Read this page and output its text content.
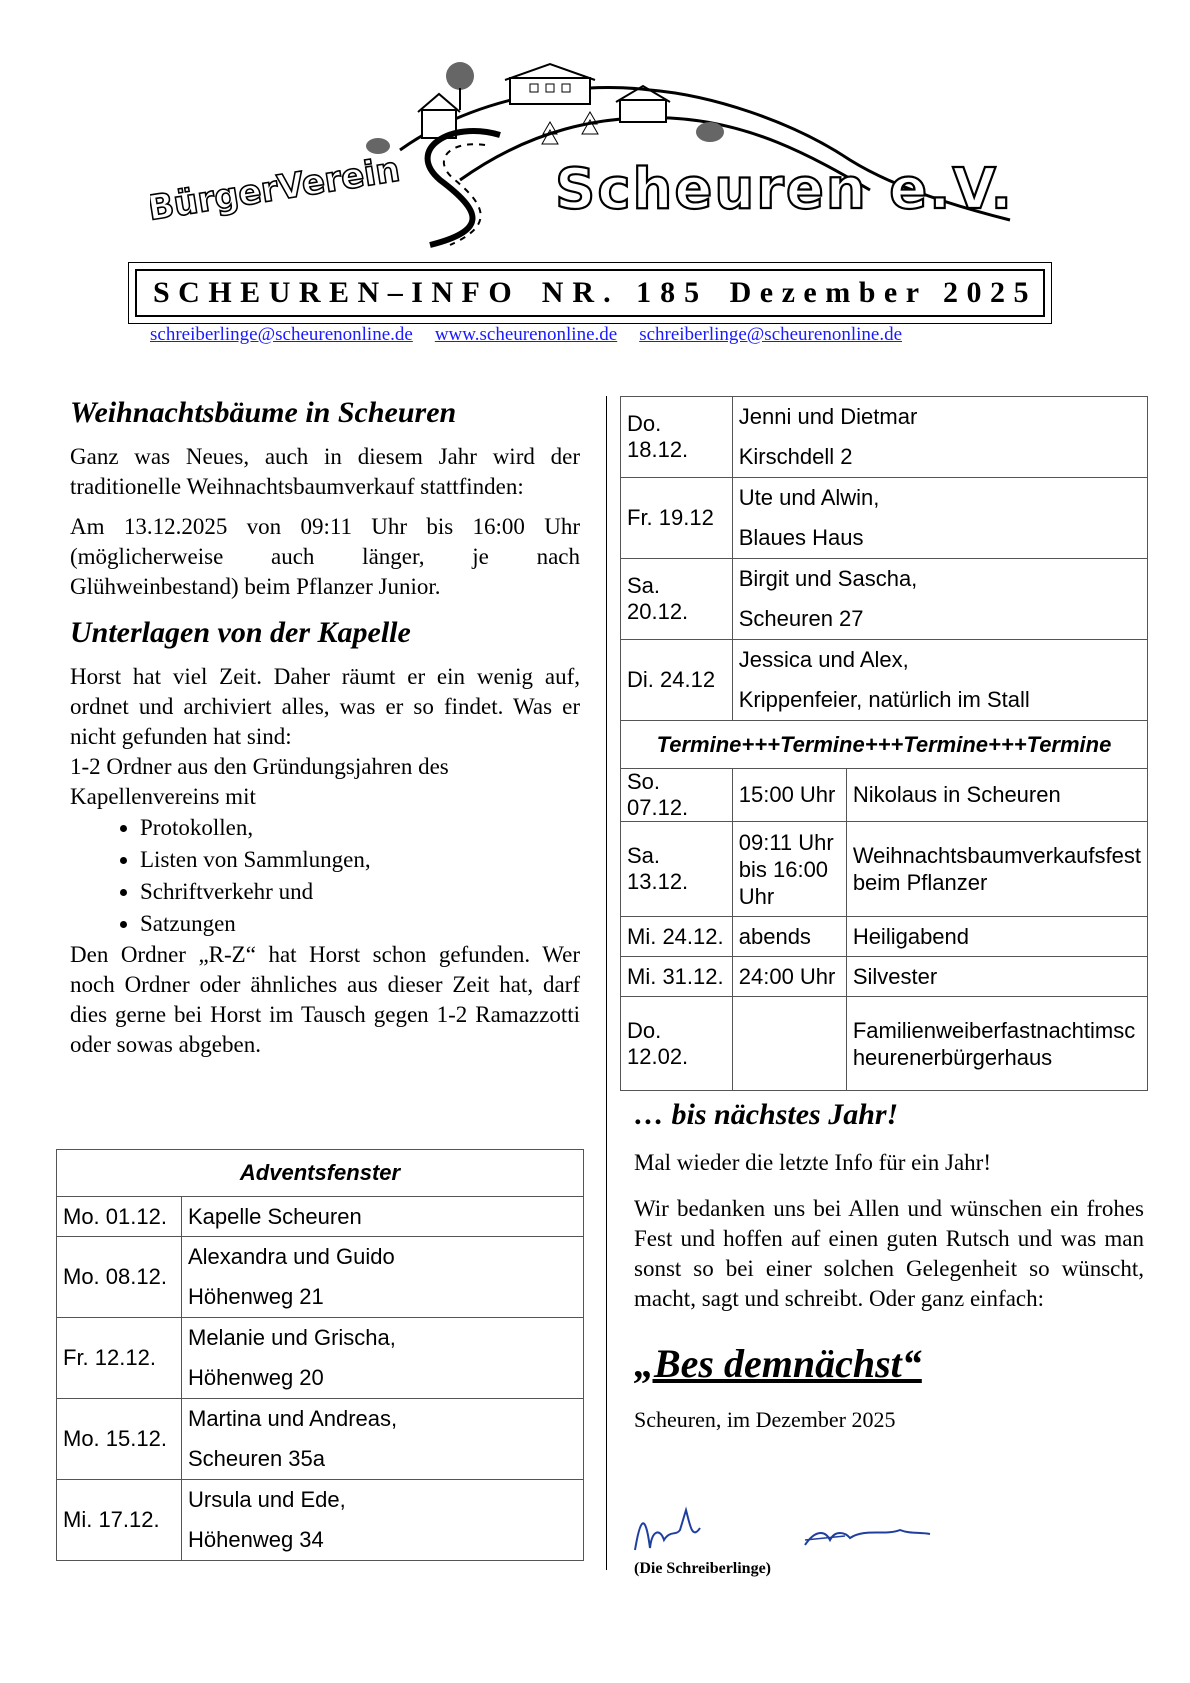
BürgerVerein	Scheuren e.V.
SCHEUREN–INFO NR. 185 Dezember 2025
schreiberlinge@scheurenonline.de www.scheurenonline.de schreiberlinge@scheurenonline.de
Weihnachtsbäume in Scheuren

Ganz was Neues, auch in diesem Jahr wird der traditionelle Weihnachtsbaumverkauf stattfinden:

Am 13.12.2025 von 09:11 Uhr bis 16:00 Uhr (möglicherweise auch länger, je nach Glühweinbestand) beim Pflanzer Junior.

Unterlagen von der Kapelle

Horst hat viel Zeit. Daher räumt er ein wenig auf, ordnet und archiviert alles, was er so findet. Was er nicht gefunden hat sind:

1-2 Ordner aus den Gründungsjahren des Kapellenvereins mit

• Protokollen,
• Listen von Sammlungen,
• Schriftverkehr und
• Satzungen

Den Ordner „R-Z“ hat Horst schon gefunden. Wer noch Ordner oder ähnliches aus dieser Zeit hat, darf dies gerne bei Horst im Tausch gegen 1-2 Ramazzotti oder sowas abgeben.

Adventsfenster	
Mo. 01.12.	Kapelle Scheuren
Mo. 08.12.	Alexandra und Guido
Höhenweg 21

Fr. 12.12.	Melanie und Grischa,
Höhenweg 20

Mo. 15.12.	Martina und Andreas,
Scheuren 35a

Mi. 17.12.	Ursula und Ede,
Höhenweg 34
Do. 18.12.	Jenni und Dietmar
Kirschdell 2	

Fr. 19.12	Ute und Alwin,
Blaues Haus	

Sa. 20.12.	Birgit und Sascha,
Scheuren 27	

Di. 24.12	Jessica und Alex,
Krippenfeier, natürlich im Stall	

Termine+++Termine+++Termine+++Termine		
So. 07.12.	15:00 Uhr	Nikolaus in Scheuren
Sa. 13.12.	09:11 Uhr bis 16:00 Uhr	Weihnachtsbaumverkaufsfest beim Pflanzer
Mi. 24.12.	abends	Heiligabend
Mi. 31.12.	24:00 Uhr	Silvester
Do. 12.02.		Familienweiberfastnachtimscheurenerbürgerhaus
… bis nächstes Jahr!

Mal wieder die letzte Info für ein Jahr!

Wir bedanken uns bei Allen und wünschen ein frohes Fest und hoffen auf einen guten Rutsch und was man sonst so bei einer solchen Gelegenheit so wünscht, macht, sagt und schreibt. Oder ganz einfach:

„Bes demnächst“
Scheuren, im Dezember 2025
(Die Schreiberlinge)
